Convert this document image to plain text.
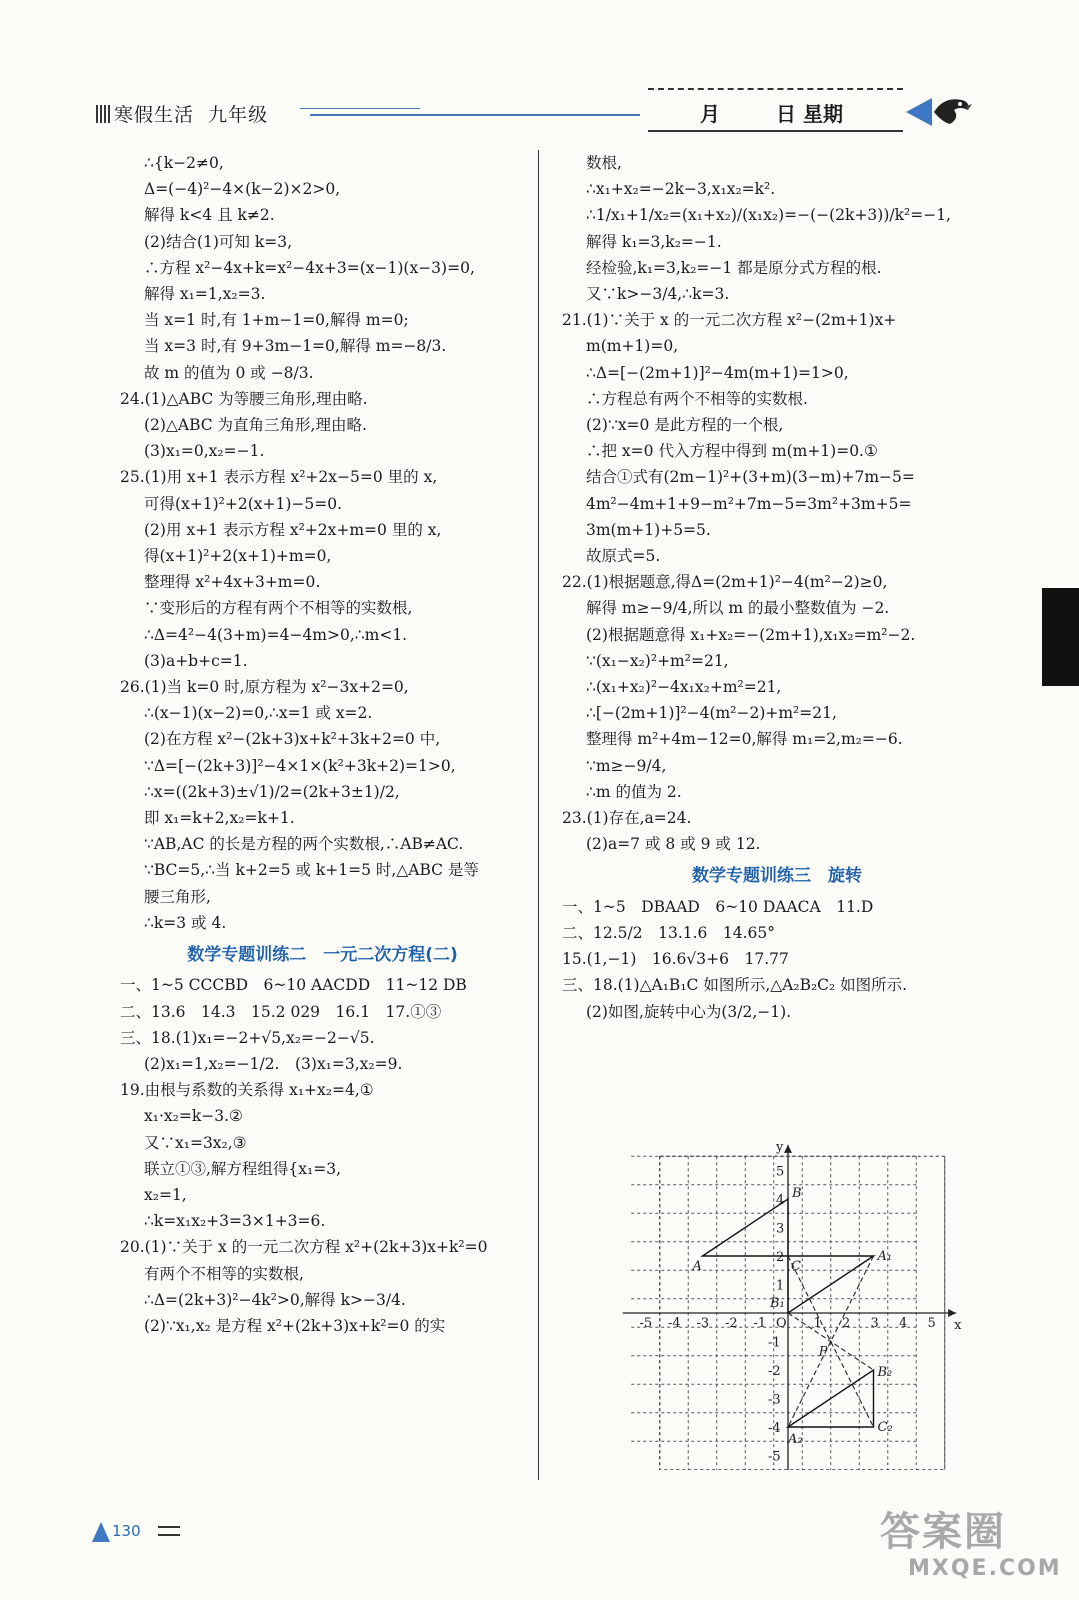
寒假生活 九年级	月	日 星期
∴{k−2≠0,
Δ=(−4)²−4×(k−2)×2>0,
解得 k<4 且 k≠2.
(2)结合(1)可知 k=3,
∴方程 x²−4x+k=x²−4x+3=(x−1)(x−3)=0,
解得 x₁=1,x₂=3.
当 x=1 时,有 1+m−1=0,解得 m=0;
当 x=3 时,有 9+3m−1=0,解得 m=−8/3.
故 m 的值为 0 或 −8/3.
24.(1)△ABC 为等腰三角形,理由略.
(2)△ABC 为直角三角形,理由略.
(3)x₁=0,x₂=−1.
25.(1)用 x+1 表示方程 x²+2x−5=0 里的 x,
可得(x+1)²+2(x+1)−5=0.
(2)用 x+1 表示方程 x²+2x+m=0 里的 x,
得(x+1)²+2(x+1)+m=0,
整理得 x²+4x+3+m=0.
∵变形后的方程有两个不相等的实数根,
∴Δ=4²−4(3+m)=4−4m>0,∴m<1.
(3)a+b+c=1.
26.(1)当 k=0 时,原方程为 x²−3x+2=0,
∴(x−1)(x−2)=0,∴x=1 或 x=2.
(2)在方程 x²−(2k+3)x+k²+3k+2=0 中,
∵Δ=[−(2k+3)]²−4×1×(k²+3k+2)=1>0,
∴x=((2k+3)±√1)/2=(2k+3±1)/2,
即 x₁=k+2,x₂=k+1.
∵AB,AC 的长是方程的两个实数根,∴AB≠AC.
∵BC=5,∴当 k+2=5 或 k+1=5 时,△ABC 是等
腰三角形,
∴k=3 或 4.
数学专题训练二　一元二次方程(二)
一、1~5 CCCBD　6~10 AACDD　11~12 DB
二、13.6　14.3　15.2 029　16.1　17.①③
三、18.(1)x₁=−2+√5,x₂=−2−√5.
(2)x₁=1,x₂=−1/2.　(3)x₁=3,x₂=9.
19.由根与系数的关系得 x₁+x₂=4,①
x₁·x₂=k−3.②
又∵x₁=3x₂,③
联立①③,解方程组得{x₁=3,
x₂=1,
∴k=x₁x₂+3=3×1+3=6.
20.(1)∵关于 x 的一元二次方程 x²+(2k+3)x+k²=0
有两个不相等的实数根,
∴Δ=(2k+3)²−4k²>0,解得 k>−3/4.
(2)∵x₁,x₂ 是方程 x²+(2k+3)x+k²=0 的实
数根,
∴x₁+x₂=−2k−3,x₁x₂=k².
∴1/x₁+1/x₂=(x₁+x₂)/(x₁x₂)=−(−(2k+3))/k²=−1,
解得 k₁=3,k₂=−1.
经检验,k₁=3,k₂=−1 都是原分式方程的根.
又∵k>−3/4,∴k=3.
21.(1)∵关于 x 的一元二次方程 x²−(2m+1)x+
m(m+1)=0,
∴Δ=[−(2m+1)]²−4m(m+1)=1>0,
∴方程总有两个不相等的实数根.
(2)∵x=0 是此方程的一个根,
∴把 x=0 代入方程中得到 m(m+1)=0.①
结合①式有(2m−1)²+(3+m)(3−m)+7m−5=
4m²−4m+1+9−m²+7m−5=3m²+3m+5=
3m(m+1)+5=5.
故原式=5.
22.(1)根据题意,得Δ=(2m+1)²−4(m²−2)≥0,
解得 m≥−9/4,所以 m 的最小整数值为 −2.
(2)根据题意得 x₁+x₂=−(2m+1),x₁x₂=m²−2.
∵(x₁−x₂)²+m²=21,
∴(x₁+x₂)²−4x₁x₂+m²=21,
∴[−(2m+1)]²−4(m²−2)+m²=21,
整理得 m²+4m−12=0,解得 m₁=2,m₂=−6.
∵m≥−9/4,
∴m 的值为 2.
23.(1)存在,a=24.
(2)a=7 或 8 或 9 或 12.
数学专题训练三　旋转
一、1~5　DBAAD　6~10 DAACA　11.D
二、12.5/2　13.1.6　14.65°
15.(1,−1)　16.6√3+6　17.77
三、18.(1)△A₁B₁C 如图所示,△A₂B₂C₂ 如图所示.
(2)如图,旋转中心为(3/2,−1).
x
y
O
-5 -4 -3 -2 -1	1 2 3 4 5
5
4
3
2
1
-1
-2
-3
-4
-5
A
B
C
A₁
B₁
A₂
B₂
C₂
P
130	答案圈
MXQE.COM
